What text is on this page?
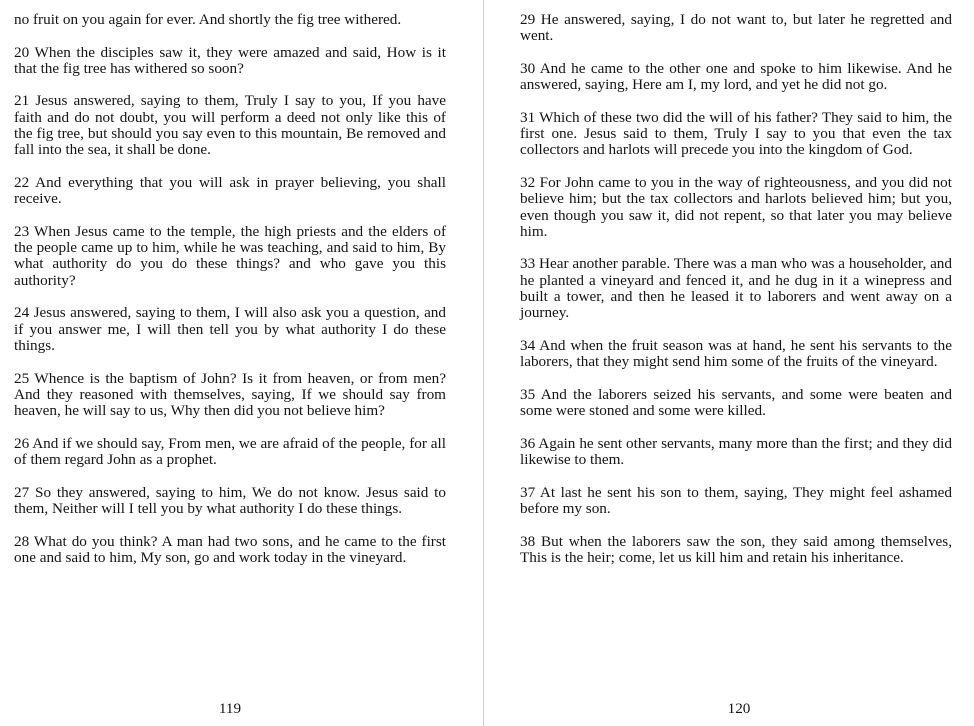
no fruit on you again for ever. And shortly the fig tree withered.

20 When the disciples saw it, they were amazed and said, How is it that the fig tree has withered so soon?

21 Jesus answered, saying to them, Truly I say to you, If you have faith and do not doubt, you will perform a deed not only like this of the fig tree, but should you say even to this mountain, Be removed and fall into the sea, it shall be done.

22 And everything that you will ask in prayer believing, you shall receive.

23 When Jesus came to the temple, the high priests and the elders of the people came up to him, while he was teaching, and said to him, By what authority do you do these things? and who gave you this authority?

24 Jesus answered, saying to them, I will also ask you a question, and if you answer me, I will then tell you by what authority I do these things.

25 Whence is the baptism of John? Is it from heaven, or from men? And they reasoned with themselves, saying, If we should say from heaven, he will say to us, Why then did you not believe him?

26 And if we should say, From men, we are afraid of the people, for all of them regard John as a prophet.

27 So they answered, saying to him, We do not know. Jesus said to them, Neither will I tell you by what authority I do these things.

28 What do you think? A man had two sons, and he came to the first one and said to him, My son, go and work today in the vineyard.

29 He answered, saying, I do not want to, but later he regretted and went.

30 And he came to the other one and spoke to him likewise. And he answered, saying, Here am I, my lord, and yet he did not go.

31 Which of these two did the will of his father? They said to him, the first one. Jesus said to them, Truly I say to you that even the tax collectors and harlots will precede you into the kingdom of God.

32 For John came to you in the way of righteousness, and you did not believe him; but the tax collectors and harlots believed him; but you, even though you saw it, did not repent, so that later you may believe him.

33 Hear another parable. There was a man who was a householder, and he planted a vineyard and fenced it, and he dug in it a winepress and built a tower, and then he leased it to laborers and went away on a journey.

34 And when the fruit season was at hand, he sent his servants to the laborers, that they might send him some of the fruits of the vineyard.

35 And the laborers seized his servants, and some were beaten and some were stoned and some were killed.

36 Again he sent other servants, many more than the first; and they did likewise to them.

37 At last he sent his son to them, saying, They might feel ashamed before my son.

38 But when the laborers saw the son, they said among themselves, This is the heir; come, let us kill him and retain his inheritance.

119	120
